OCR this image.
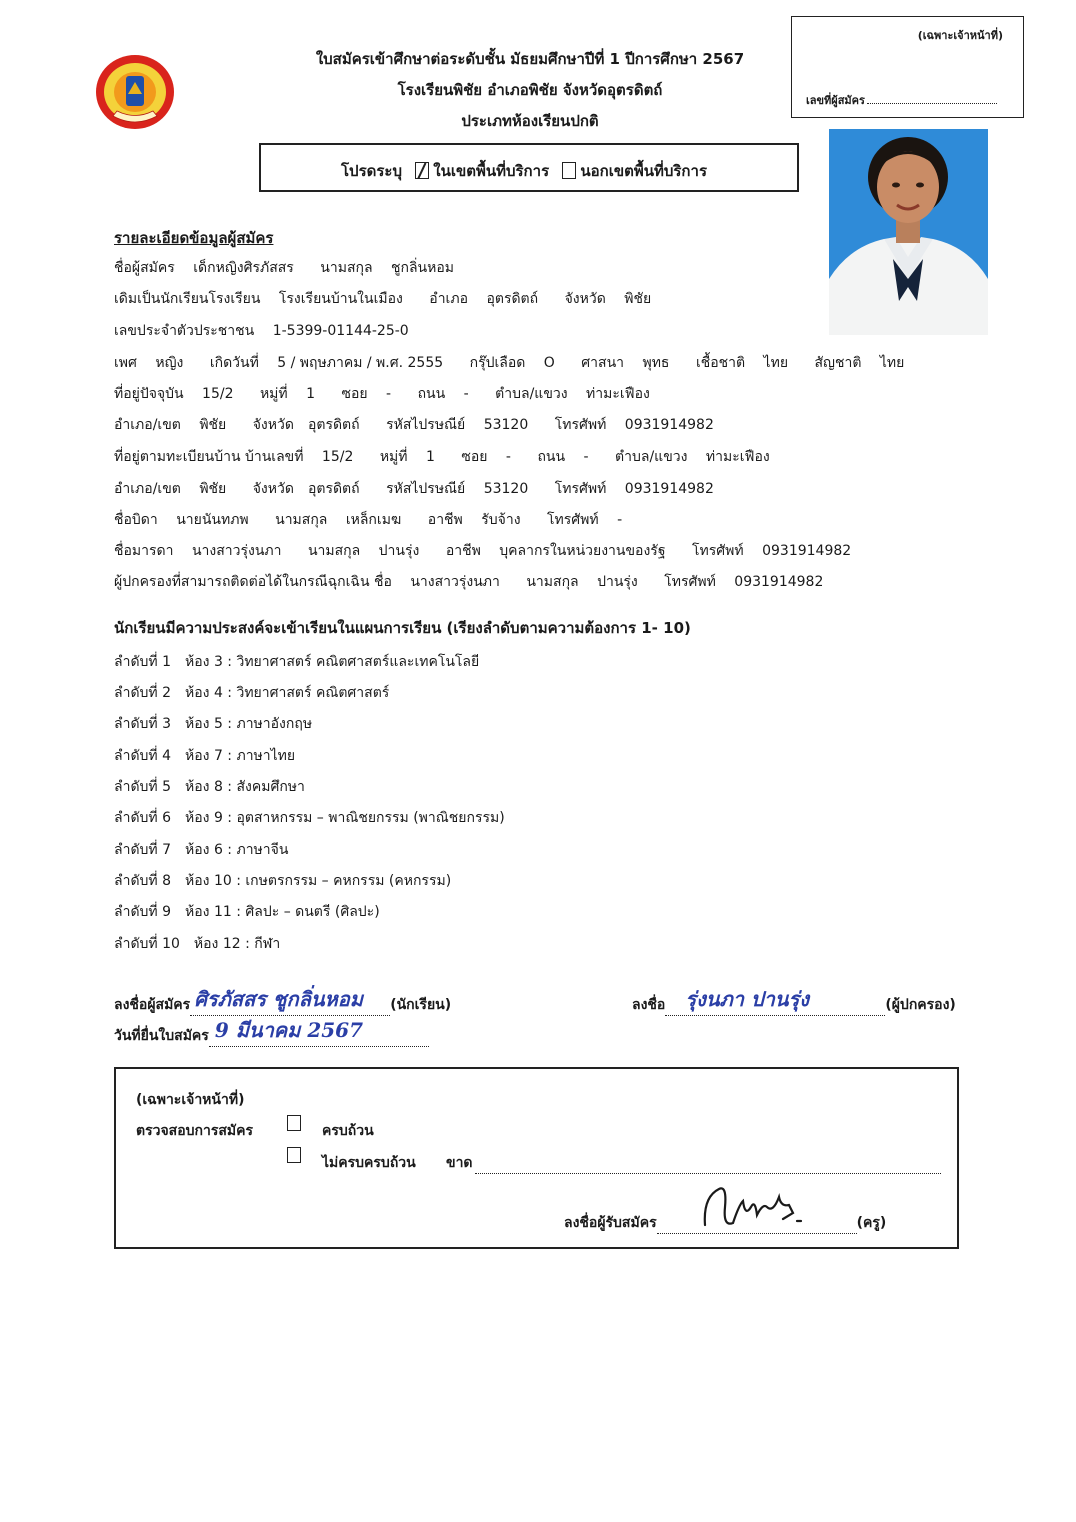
ใบสมัครเข้าศึกษาต่อระดับชั้น มัธยมศึกษาปีที่ 1 ปีการศึกษา 2567
โรงเรียนพิชัย อำเภอพิชัย จังหวัดอุตรดิตถ์
ประเภทห้องเรียนปกติ
(เฉพาะเจ้าหน้าที่)
เลขที่ผู้สมัคร
โปรดระบุ ในเขตพื้นที่บริการ นอกเขตพื้นที่บริการ
รายละเอียดข้อมูลผู้สมัคร
ชื่อผู้สมัคร เด็กหญิงศิรภัสสร นามสกุล ชูกลิ่นหอม
เดิมเป็นนักเรียนโรงเรียน โรงเรียนบ้านในเมือง อำเภอ อุตรดิตถ์ จังหวัด พิชัย
เลขประจำตัวประชาชน 1-5399-01144-25-0
เพศ หญิง เกิดวันที่ 5 / พฤษภาคม / พ.ศ. 2555 กรุ๊ปเลือด O ศาสนา พุทธ เชื้อชาติ ไทย สัญชาติ ไทย
ที่อยู่ปัจจุบัน 15/2 หมู่ที่ 1 ซอย - ถนน - ตำบล/แขวง ท่ามะเฟือง
อำเภอ/เขต พิชัย จังหวัด อุตรดิตถ์ รหัสไปรษณีย์ 53120 โทรศัพท์ 0931914982
ที่อยู่ตามทะเบียนบ้าน บ้านเลขที่ 15/2 หมู่ที่ 1 ซอย - ถนน - ตำบล/แขวง ท่ามะเฟือง
อำเภอ/เขต พิชัย จังหวัด อุตรดิตถ์ รหัสไปรษณีย์ 53120 โทรศัพท์ 0931914982
ชื่อบิดา นายนันทภพ นามสกุล เหล็กเมฆ อาชีพ รับจ้าง โทรศัพท์ -
ชื่อมารดา นางสาวรุ่งนภา นามสกุล ปานรุ่ง อาชีพ บุคลากรในหน่วยงานของรัฐ โทรศัพท์ 0931914982
ผู้ปกครองที่สามารถติดต่อได้ในกรณีฉุกเฉิน ชื่อ นางสาวรุ่งนภา นามสกุล ปานรุ่ง โทรศัพท์ 0931914982
นักเรียนมีความประสงค์จะเข้าเรียนในแผนการเรียน (เรียงลำดับตามความต้องการ 1- 10)
ลำดับที่ 1 ห้อง 3 : วิทยาศาสตร์ คณิตศาสตร์และเทคโนโลยี
ลำดับที่ 2 ห้อง 4 : วิทยาศาสตร์ คณิตศาสตร์
ลำดับที่ 3 ห้อง 5 : ภาษาอังกฤษ
ลำดับที่ 4 ห้อง 7 : ภาษาไทย
ลำดับที่ 5 ห้อง 8 : สังคมศึกษา
ลำดับที่ 6 ห้อง 9 : อุตสาหกรรม – พาณิชยกรรม (พาณิชยกรรม)
ลำดับที่ 7 ห้อง 6 : ภาษาจีน
ลำดับที่ 8 ห้อง 10 : เกษตรกรรม – คหกรรม (คหกรรม)
ลำดับที่ 9 ห้อง 11 : ศิลปะ – ดนตรี (ศิลปะ)
ลำดับที่ 10 ห้อง 12 : กีฬา
ลงชื่อผู้สมัคร ศิรภัสสร ชูกลิ่นหอม (นักเรียน)
วันที่ยื่นใบสมัคร 9 มีนาคม 2567
ลงชื่อ รุ่งนภา ปานรุ่ง	(ผู้ปกครอง)
(เฉพาะเจ้าหน้าที่)
ตรวจสอบการสมัคร	ครบถ้วน
ไม่ครบครบถ้วน ขาด
ลงชื่อผู้รับสมัคร	(ครู)
